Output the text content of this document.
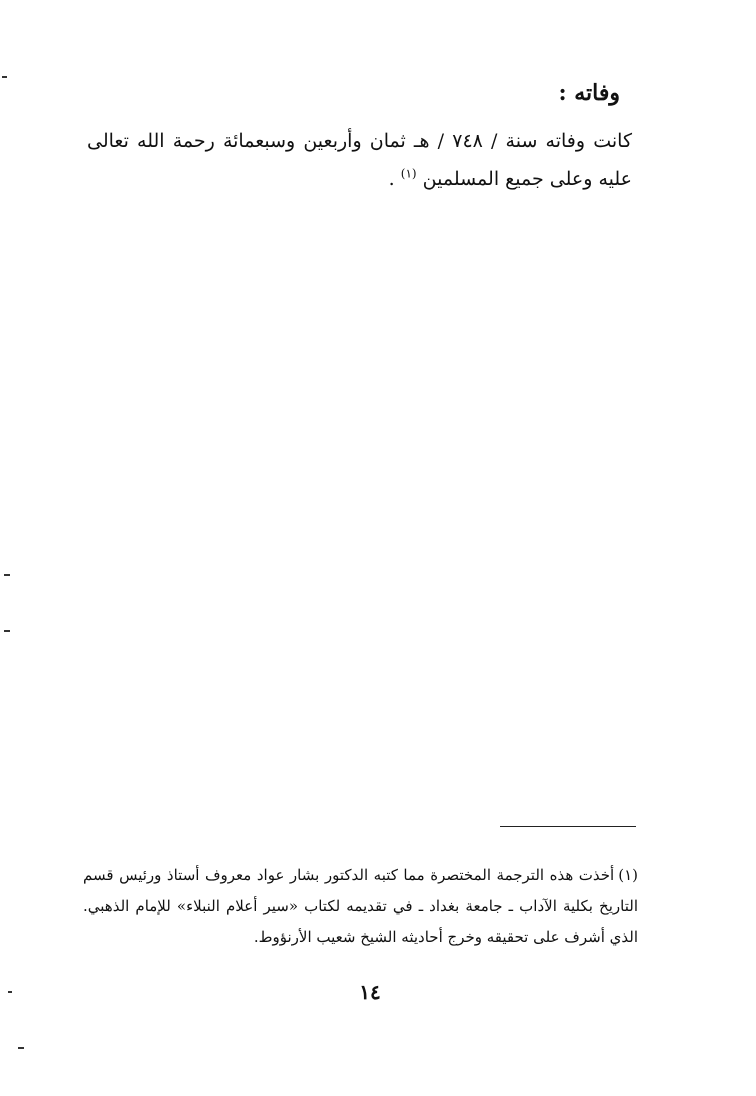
وفاته :
كانت وفاته سنة / ٧٤٨ / هـ ثمان وأربعين وسبعمائة رحمة الله تعالى عليه وعلى جميع المسلمين $^{(١)}$ .
(١)أخذت هذه الترجمة المختصرة مما كتبه الدكتور بشار عواد معروف أستاذ ورئيس قسم التاريخ بكلية الآداب ـ جامعة بغداد ـ في تقديمه لكتاب «سير أعلام النبلاء» للإمام الذهبي. الذي أشرف على تحقيقه وخرج أحاديثه الشيخ شعيب الأرنؤوط.
١٤
